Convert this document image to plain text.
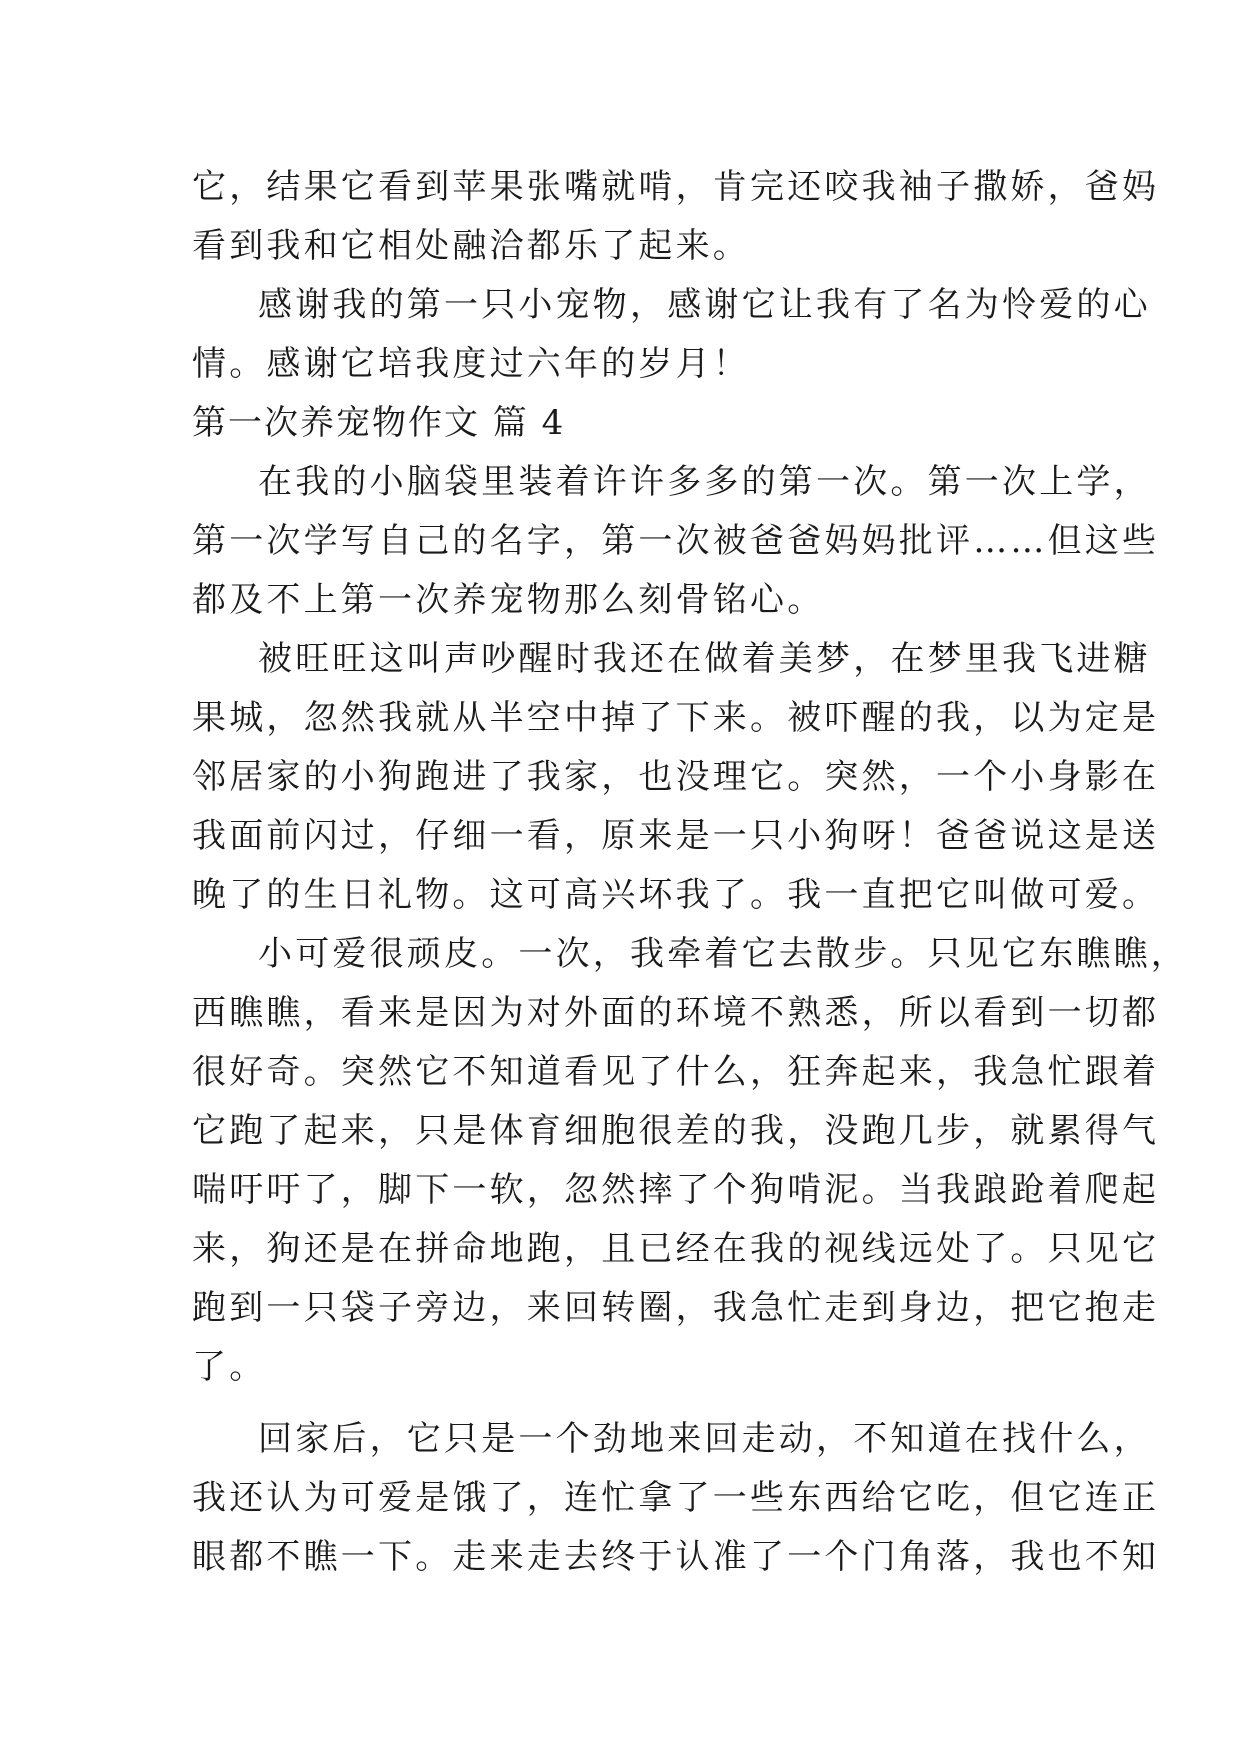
它，结果它看到苹果张嘴就啃，肯完还咬我袖子撒娇，爸妈
看到我和它相处融洽都乐了起来。
感谢我的第一只小宠物，感谢它让我有了名为怜爱的心
情。感谢它培我度过六年的岁月！
第一次养宠物作文 篇 4
在我的小脑袋里装着许许多多的第一次。第一次上学，
第一次学写自己的名字，第一次被爸爸妈妈批评……但这些
都及不上第一次养宠物那么刻骨铭心。
被旺旺这叫声吵醒时我还在做着美梦，在梦里我飞进糖
果城，忽然我就从半空中掉了下来。被吓醒的我，以为定是
邻居家的小狗跑进了我家，也没理它。突然，一个小身影在
我面前闪过，仔细一看，原来是一只小狗呀！爸爸说这是送
晚了的生日礼物。这可高兴坏我了。我一直把它叫做可爱。
小可爱很顽皮。一次，我牵着它去散步。只见它东瞧瞧，
西瞧瞧，看来是因为对外面的环境不熟悉，所以看到一切都
很好奇。突然它不知道看见了什么，狂奔起来，我急忙跟着
它跑了起来，只是体育细胞很差的我，没跑几步，就累得气
喘吁吁了，脚下一软，忽然摔了个狗啃泥。当我踉跄着爬起
来，狗还是在拼命地跑，且已经在我的视线远处了。只见它
跑到一只袋子旁边，来回转圈，我急忙走到身边，把它抱走
了。
回家后，它只是一个劲地来回走动，不知道在找什么，
我还认为可爱是饿了，连忙拿了一些东西给它吃，但它连正
眼都不瞧一下。走来走去终于认准了一个门角落，我也不知
